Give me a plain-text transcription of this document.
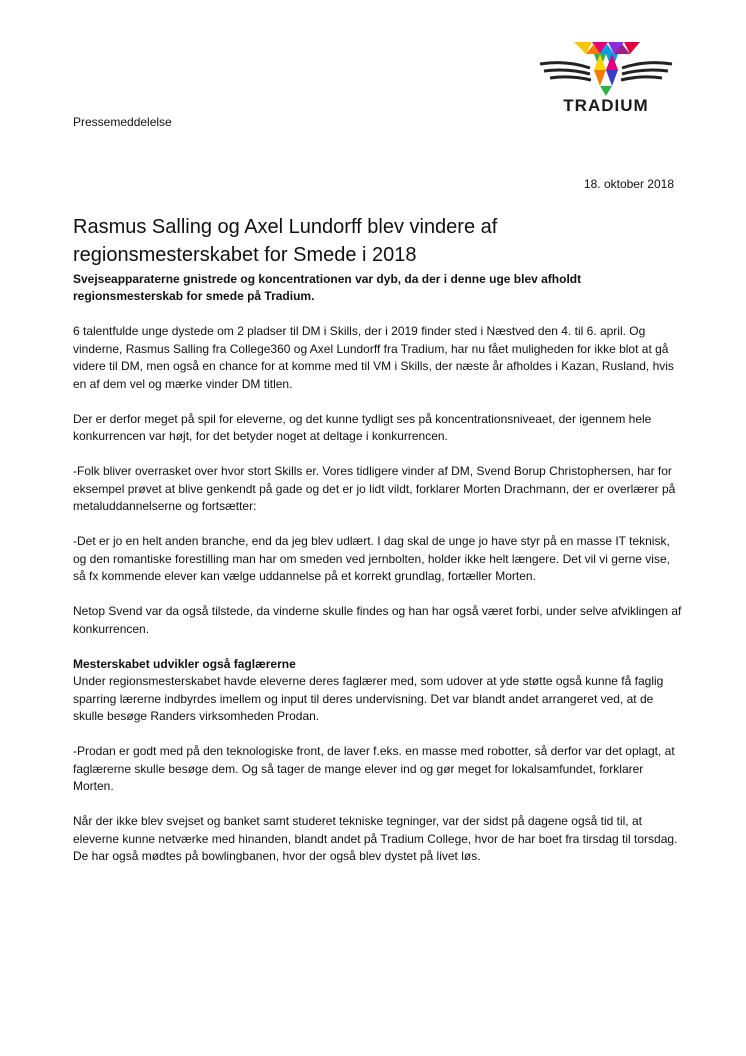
Pressemeddelelse
TRADIUM
18. oktober 2018
Rasmus Salling og Axel Lundorff blev vindere af regionsmesterskabet for Smede i 2018

Svejseapparaterne gnistrede og koncentrationen var dyb, da der i denne uge blev afholdt regionsmesterskab for smede på Tradium.

6 talentfulde unge dystede om 2 pladser til DM i Skills, der i 2019 finder sted i Næstved den 4. til 6. april. Og vinderne, Rasmus Salling fra College360 og Axel Lundorff fra Tradium, har nu fået muligheden for ikke blot at gå videre til DM, men også en chance for at komme med til VM i Skills, der næste år afholdes i Kazan, Rusland, hvis en af dem vel og mærke vinder DM titlen.

Der er derfor meget på spil for eleverne, og det kunne tydligt ses på koncentrationsniveaet, der igennem hele konkurrencen var højt, for det betyder noget at deltage i konkurrencen.

-Folk bliver overrasket over hvor stort Skills er. Vores tidligere vinder af DM, Svend Borup Christophersen, har for eksempel prøvet at blive genkendt på gade og det er jo lidt vildt, forklarer Morten Drachmann, der er overlærer på metaluddannelserne og fortsætter:

-Det er jo en helt anden branche, end da jeg blev udlært. I dag skal de unge jo have styr på en masse IT teknisk, og den romantiske forestilling man har om smeden ved jernbolten, holder ikke helt længere. Det vil vi gerne vise, så fx kommende elever kan vælge uddannelse på et korrekt grundlag, fortæller Morten.

Netop Svend var da også tilstede, da vinderne skulle findes og han har også været forbi, under selve afviklingen af konkurrencen.

Mesterskabet udvikler også faglærerne

Under regionsmesterskabet havde eleverne deres faglærer med, som udover at yde støtte også kunne få faglig sparring lærerne indbyrdes imellem og input til deres undervisning. Det var blandt andet arrangeret ved, at de skulle besøge Randers virksomheden Prodan.

-Prodan er godt med på den teknologiske front, de laver f.eks. en masse med robotter, så derfor var det oplagt, at faglærerne skulle besøge dem. Og så tager de mange elever ind og gør meget for lokalsamfundet, forklarer Morten.

Når der ikke blev svejset og banket samt studeret tekniske tegninger, var der sidst på dagene også tid til, at eleverne kunne netværke med hinanden, blandt andet på Tradium College, hvor de har boet fra tirsdag til torsdag. De har også mødtes på bowlingbanen, hvor der også blev dystet på livet løs.
